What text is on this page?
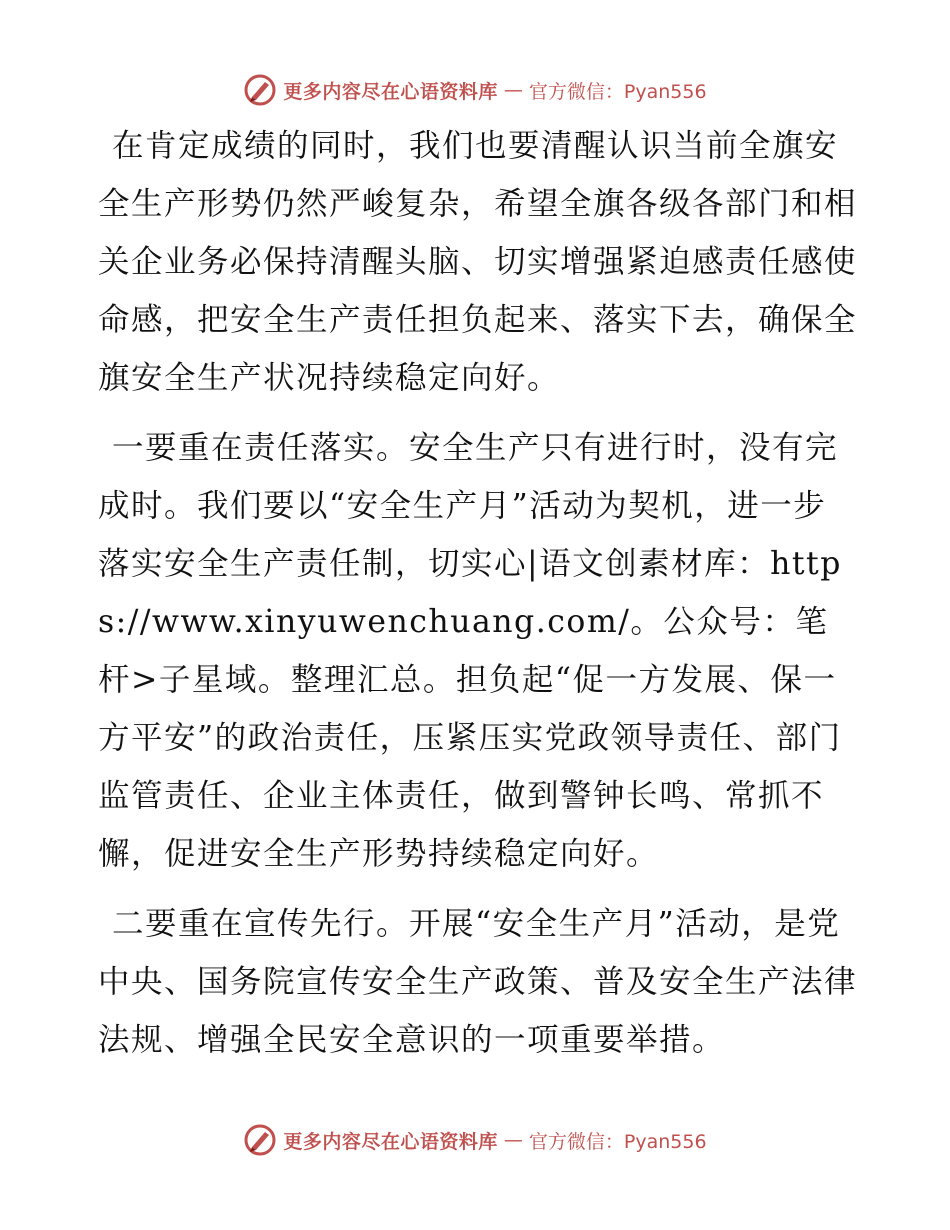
更多内容尽在心语资料库 — 官方微信：Pyan556

在肯定成绩的同时，我们也要清醒认识当前全旗安全生产形势仍然严峻复杂，希望全旗各级各部门和相关企业务必保持清醒头脑、切实增强紧迫感责任感使命感，把安全生产责任担负起来、落实下去，确保全旗安全生产状况持续稳定向好。

一要重在责任落实。安全生产只有进行时，没有完成时。我们要以“安全生产月”活动为契机，进一步落实安全生产责任制，切实心|语文创素材库：https://www.xinyuwenchuang.com/。公众号：笔杆>子星域。整理汇总。担负起“促一方发展、保一方平安”的政治责任，压紧压实党政领导责任、部门监管责任、企业主体责任，做到警钟长鸣、常抓不懈，促进安全生产形势持续稳定向好。

二要重在宣传先行。开展“安全生产月”活动，是党中央、国务院宣传安全生产政策、普及安全生产法律法规、增强全民安全意识的一项重要举措。

更多内容尽在心语资料库 — 官方微信：Pyan556
